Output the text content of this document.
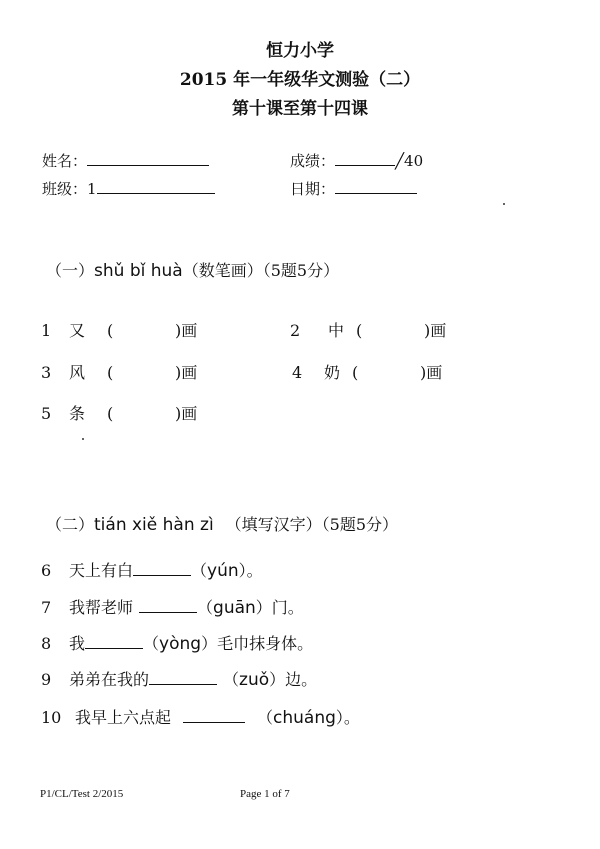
恒力小学
2015 年一年级华文测验（二）
第十课至第十四课
姓名：
班级：1
成绩：	╱40
日期：
（一）shǔ bǐ huà（数笔画）（5题5分）
1 又 (	)画	2 中 (	)画
3 风 (	)画	4 奶 (	)画
5 条 (	)画
（二）tián xiě hàn zì （填写汉字）（5题5分）
6 天上有白	（yún）。
7 我帮老师	（guān）门。
8 我	（yòng）毛巾抹身体。
9 弟弟在我的	（zuǒ）边。
10 我早上六点起	（chuáng）。
P1/CL/Test 2/2015	Page 1 of 7
